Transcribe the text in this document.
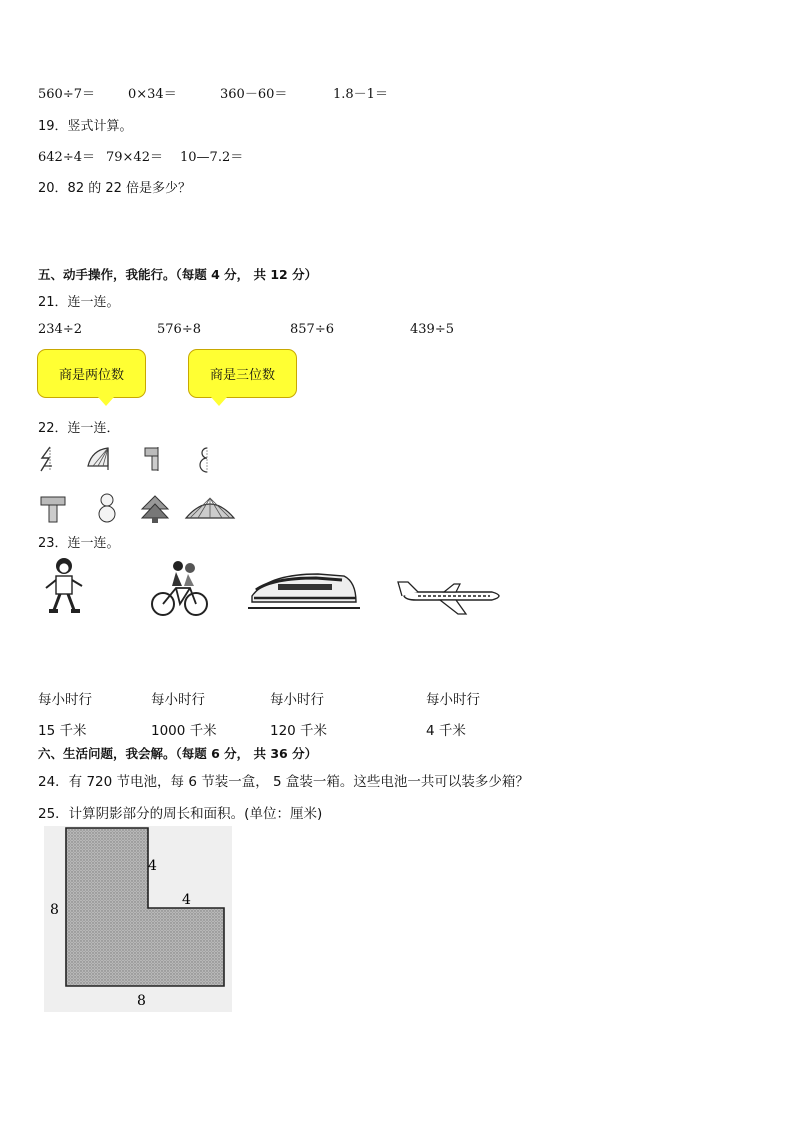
560÷7＝	0×34＝	360－60＝	1.8－1＝
19．竖式计算。
642÷4＝ 79×42＝ 10—7.2＝
20．82 的 22 倍是多少？
五、动手操作，我能行。（每题 4 分， 共 12 分）
21．连一连。
234÷2	576÷8	857÷6	439÷5
商是两位数	商是三位数
22．连一连．
23．连一连。
每小时行	每小时行	每小时行	每小时行
15 千米	1000 千米	120 千米	4 千米
六、生活问题，我会解。（每题 6 分， 共 36 分）
24．有 720 节电池，每 6 节装一盒， 5 盒装一箱。这些电池一共可以装多少箱？
25．计算阴影部分的周长和面积。(单位：厘米)
4
4
8
8
